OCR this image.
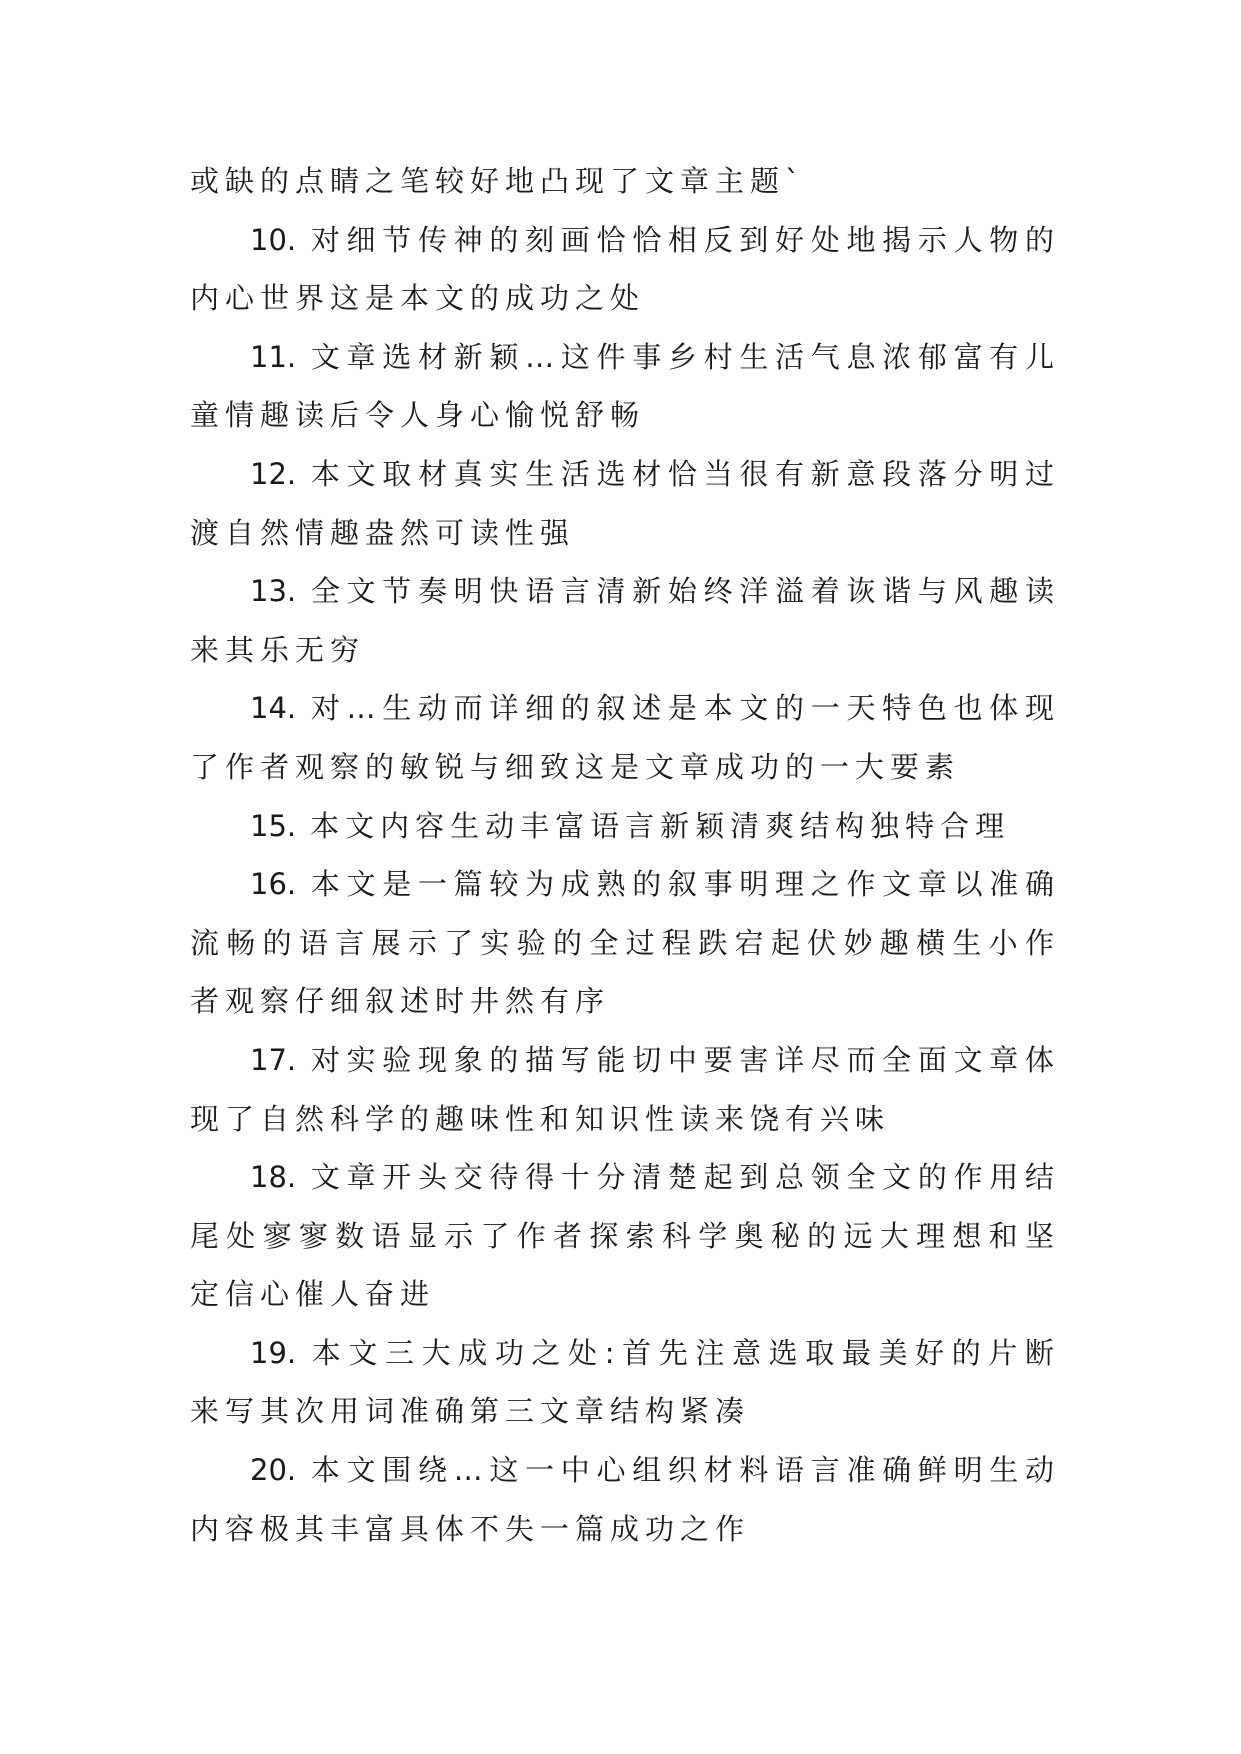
或缺的点睛之笔较好地凸现了文章主题`

10. 对细节传神的刻画恰恰相反到好处地揭示人物的内心世界这是本文的成功之处

11. 文章选材新颖…这件事乡村生活气息浓郁富有儿童情趣读后令人身心愉悦舒畅

12. 本文取材真实生活选材恰当很有新意段落分明过渡自然情趣盎然可读性强

13. 全文节奏明快语言清新始终洋溢着诙谐与风趣读来其乐无穷

14. 对…生动而详细的叙述是本文的一天特色也体现了作者观察的敏锐与细致这是文章成功的一大要素

15. 本文内容生动丰富语言新颖清爽结构独特合理

16. 本文是一篇较为成熟的叙事明理之作文章以准确流畅的语言展示了实验的全过程跌宕起伏妙趣横生小作者观察仔细叙述时井然有序

17. 对实验现象的描写能切中要害详尽而全面文章体现了自然科学的趣味性和知识性读来饶有兴味

18. 文章开头交待得十分清楚起到总领全文的作用结尾处寥寥数语显示了作者探索科学奥秘的远大理想和坚定信心催人奋进

19. 本文三大成功之处:首先注意选取最美好的片断来写其次用词准确第三文章结构紧凑

20. 本文围绕…这一中心组织材料语言准确鲜明生动内容极其丰富具体不失一篇成功之作
